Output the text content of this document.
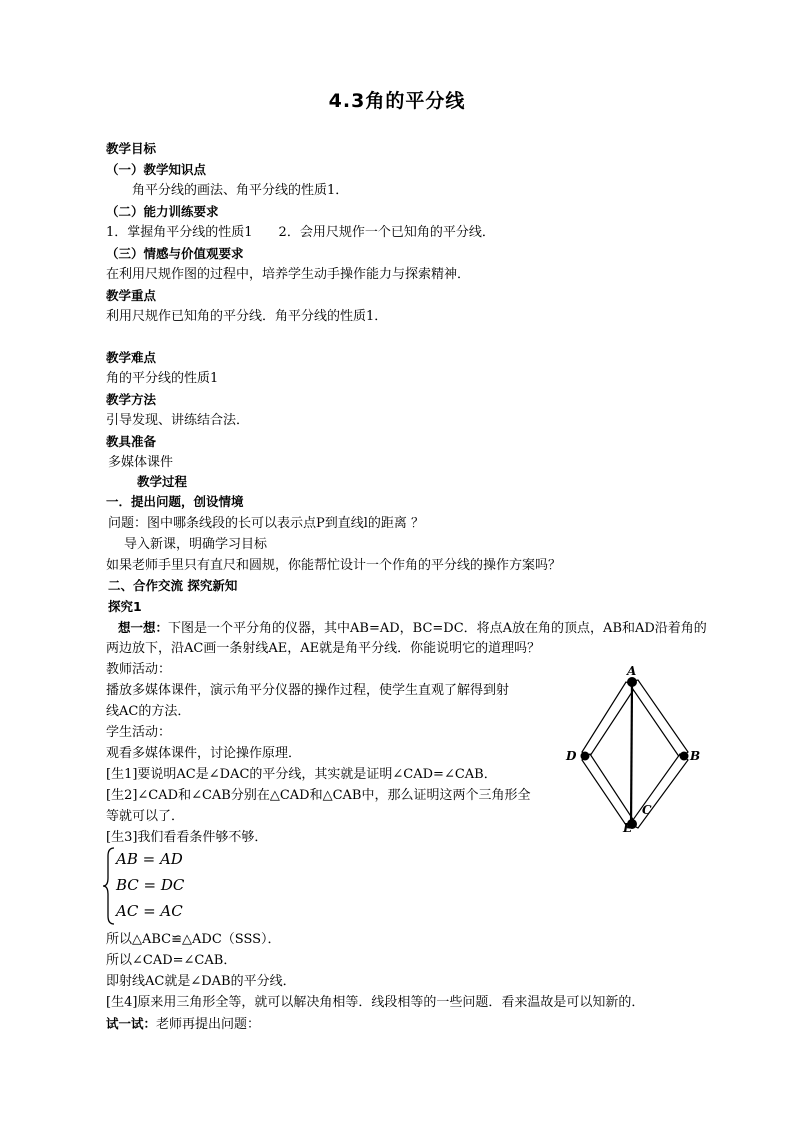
4.3角的平分线
教学目标
（一）教学知识点
角平分线的画法、角平分线的性质1．
（二）能力训练要求
1．掌握角平分线的性质1　　2．会用尺规作一个已知角的平分线．
（三）情感与价值观要求
在利用尺规作图的过程中，培养学生动手操作能力与探索精神．
教学重点
利用尺规作已知角的平分线．角平分线的性质1．
教学难点
角的平分线的性质1
教学方法
引导发现、讲练结合法．
教具准备
多媒体课件
教学过程
一．提出问题，创设情境
问题：图中哪条线段的长可以表示点P到直线l的距离 ？
导入新课，明确学习目标
如果老师手里只有直尺和圆规，你能帮忙设计一个作角的平分线的操作方案吗？
二、合作交流 探究新知
探究1
想一想：下图是一个平分角的仪器，其中AB=AD，BC=DC．将点A放在角的顶点，AB和AD沿着角的
两边放下，沿AC画一条射线AE，AE就是角平分线．你能说明它的道理吗？
教师活动：
播放多媒体课件，演示角平分仪器的操作过程，使学生直观了解得到射
线AC的方法．
学生活动：
观看多媒体课件，讨论操作原理．
[生1]要说明AC是∠DAC的平分线，其实就是证明∠CAD=∠CAB．
[生2]∠CAD和∠CAB分别在△CAD和△CAB中，那么证明这两个三角形全
等就可以了．
[生3]我们看看条件够不够．
AB = AD
BC = DC
AC = AC
所以△ABC≌△ADC（SSS）．
所以∠CAD=∠CAB．
即射线AC就是∠DAB的平分线．
[生4]原来用三角形全等，就可以解决角相等．线段相等的一些问题．看来温故是可以知新的．
试一试：老师再提出问题：
A
D	B
C
E
